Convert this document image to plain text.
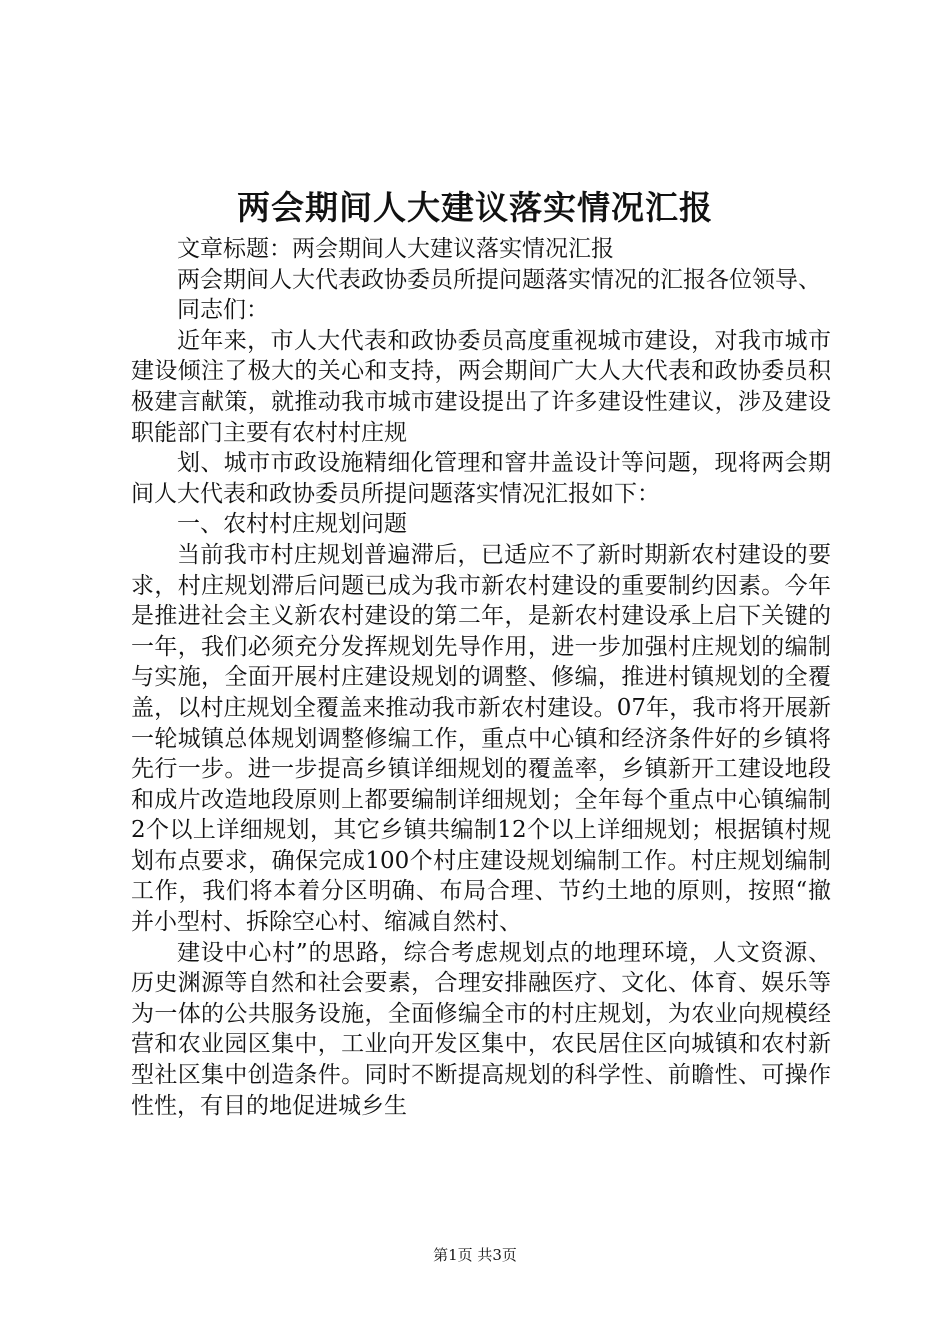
两会期间人大建议落实情况汇报

文章标题：两会期间人大建议落实情况汇报

两会期间人大代表政协委员所提问题落实情况的汇报各位领导、

同志们：

近年来，市人大代表和政协委员高度重视城市建设，对我市城市建设倾注了极大的关心和支持，两会期间广大人大代表和政协委员积极建言献策，就推动我市城市建设提出了许多建设性建议，涉及建设职能部门主要有农村村庄规

划、城市市政设施精细化管理和窨井盖设计等问题，现将两会期间人大代表和政协委员所提问题落实情况汇报如下：

一、农村村庄规划问题

当前我市村庄规划普遍滞后，已适应不了新时期新农村建设的要求，村庄规划滞后问题已成为我市新农村建设的重要制约因素。今年是推进社会主义新农村建设的第二年，是新农村建设承上启下关键的一年，我们必须充分发挥规划先导作用，进一步加强村庄规划的编制与实施，全面开展村庄建设规划的调整、修编，推进村镇规划的全覆盖，以村庄规划全覆盖来推动我市新农村建设。07年，我市将开展新一轮城镇总体规划调整修编工作，重点中心镇和经济条件好的乡镇将先行一步。进一步提高乡镇详细规划的覆盖率，乡镇新开工建设地段和成片改造地段原则上都要编制详细规划；全年每个重点中心镇编制2个以上详细规划，其它乡镇共编制12个以上详细规划；根据镇村规划布点要求，确保完成100个村庄建设规划编制工作。村庄规划编制工作，我们将本着分区明确、布局合理、节约土地的原则，按照“撤并小型村、拆除空心村、缩减自然村、

建设中心村”的思路，综合考虑规划点的地理环境，人文资源、历史渊源等自然和社会要素，合理安排融医疗、文化、体育、娱乐等为一体的公共服务设施，全面修编全市的村庄规划，为农业向规模经营和农业园区集中，工业向开发区集中，农民居住区向城镇和农村新型社区集中创造条件。同时不断提高规划的科学性、前瞻性、可操作性性，有目的地促进城乡生

第1页 共3页
